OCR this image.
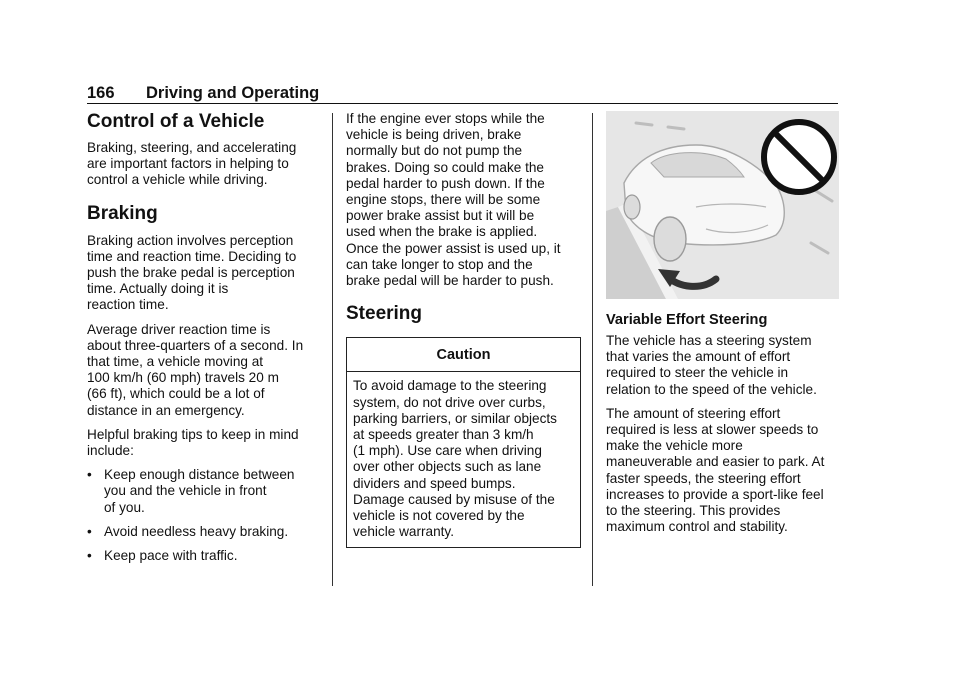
166 Driving and Operating
Control of a Vehicle

Braking, steering, and accelerating
are important factors in helping to
control a vehicle while driving.

Braking

Braking action involves perception
time and reaction time. Deciding to
push the brake pedal is perception
time. Actually doing it is
reaction time.

Average driver reaction time is
about three-quarters of a second. In
that time, a vehicle moving at
100 km/h (60 mph) travels 20 m
(66 ft), which could be a lot of
distance in an emergency.

Helpful braking tips to keep in mind
include:

• Keep enough distance between
you and the vehicle in front
of you.
• Avoid needless heavy braking.
• Keep pace with traffic.

If the engine ever stops while the
vehicle is being driven, brake
normally but do not pump the
brakes. Doing so could make the
pedal harder to push down. If the
engine stops, there will be some
power brake assist but it will be
used when the brake is applied.
Once the power assist is used up, it
can take longer to stop and the
brake pedal will be harder to push.

Steering
Caution
To avoid damage to the steering
system, do not drive over curbs,
parking barriers, or similar objects
at speeds greater than 3 km/h
(1 mph). Use care when driving
over other objects such as lane
dividers and speed bumps.
Damage caused by misuse of the
vehicle is not covered by the
vehicle warranty.
Variable Effort Steering

The vehicle has a steering system
that varies the amount of effort
required to steer the vehicle in
relation to the speed of the vehicle.

The amount of steering effort
required is less at slower speeds to
make the vehicle more
maneuverable and easier to park. At
faster speeds, the steering effort
increases to provide a sport-like feel
to the steering. This provides
maximum control and stability.
